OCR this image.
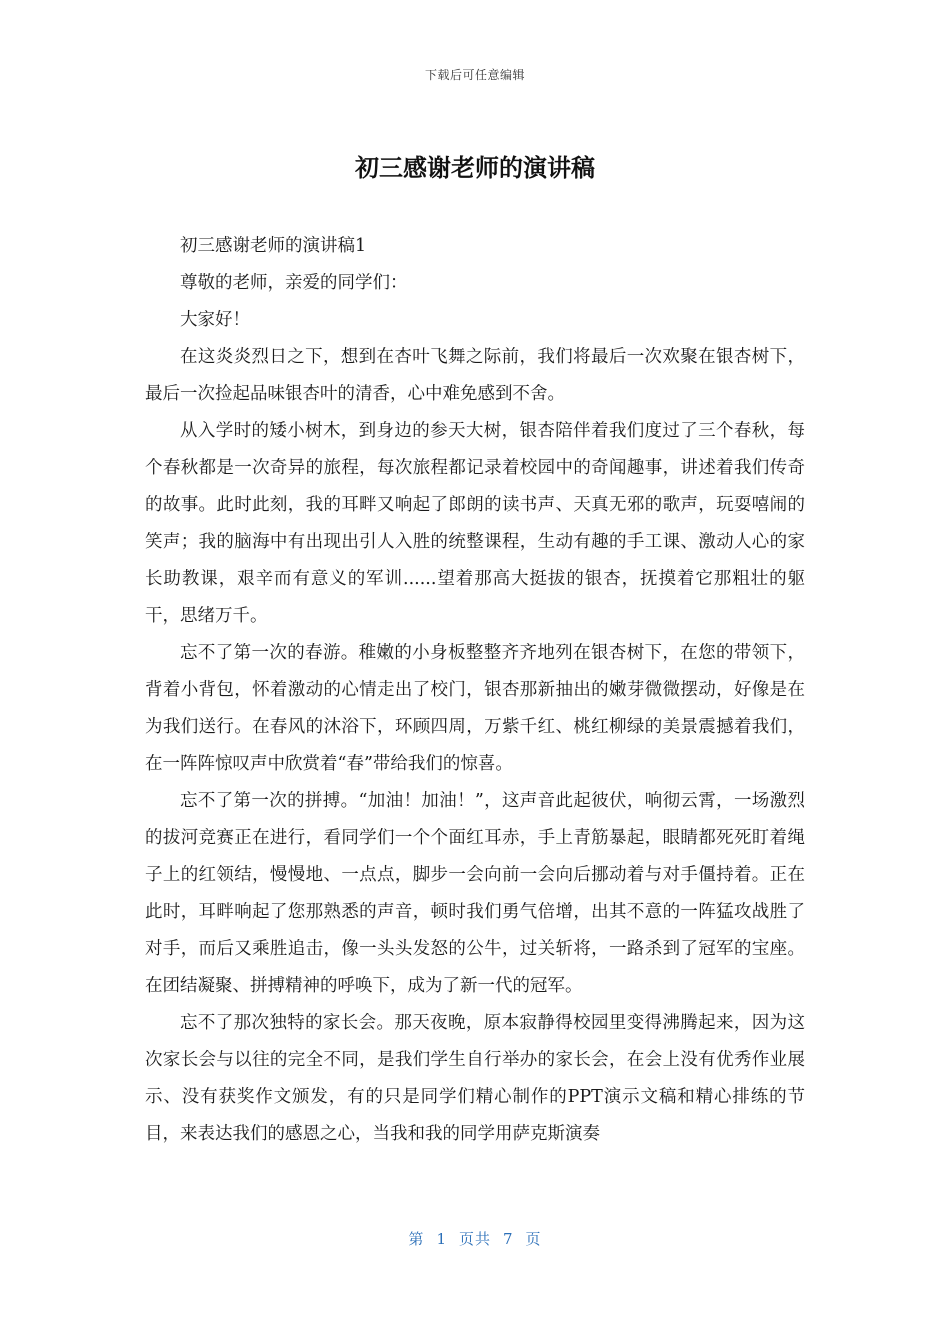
下载后可任意编辑
初三感谢老师的演讲稿

初三感谢老师的演讲稿1

尊敬的老师，亲爱的同学们：

大家好！

在这炎炎烈日之下，想到在杏叶飞舞之际前，我们将最后一次欢聚在银杏树下，最后一次捡起品味银杏叶的清香，心中难免感到不舍。

从入学时的矮小树木，到身边的参天大树，银杏陪伴着我们度过了三个春秋，每个春秋都是一次奇异的旅程，每次旅程都记录着校园中的奇闻趣事，讲述着我们传奇的故事。此时此刻，我的耳畔又响起了郎朗的读书声、天真无邪的歌声，玩耍嘻闹的笑声；我的脑海中有出现出引人入胜的统整课程，生动有趣的手工课、激动人心的家长助教课，艰辛而有意义的军训......望着那高大挺拔的银杏，抚摸着它那粗壮的躯干，思绪万千。

忘不了第一次的春游。稚嫩的小身板整整齐齐地列在银杏树下，在您的带领下，背着小背包，怀着激动的心情走出了校门，银杏那新抽出的嫩芽微微摆动，好像是在为我们送行。在春风的沐浴下，环顾四周，万紫千红、桃红柳绿的美景震撼着我们，在一阵阵惊叹声中欣赏着“春”带给我们的惊喜。

忘不了第一次的拼搏。“加油！加油！”，这声音此起彼伏，响彻云霄，一场激烈的拔河竞赛正在进行，看同学们一个个面红耳赤，手上青筋暴起，眼睛都死死盯着绳子上的红领结，慢慢地、一点点，脚步一会向前一会向后挪动着与对手僵持着。正在此时，耳畔响起了您那熟悉的声音，顿时我们勇气倍增，出其不意的一阵猛攻战胜了对手，而后又乘胜追击，像一头头发怒的公牛，过关斩将，一路杀到了冠军的宝座。在团结凝聚、拼搏精神的呼唤下，成为了新一代的冠军。

忘不了那次独特的家长会。那天夜晚，原本寂静得校园里变得沸腾起来，因为这次家长会与以往的完全不同，是我们学生自行举办的家长会，在会上没有优秀作业展示、没有获奖作文颁发，有的只是同学们精心制作的PPT演示文稿和精心排练的节目，来表达我们的感恩之心，当我和我的同学用萨克斯演奏

第 1 页共 7 页
